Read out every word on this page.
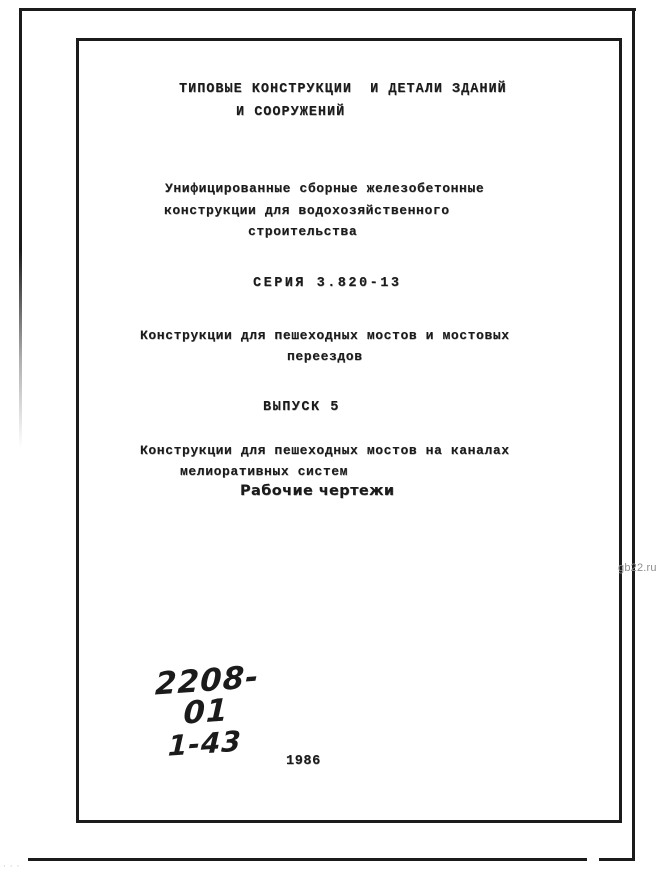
ТИПОВЫЕ КОНСТРУКЦИИ  И ДЕТАЛИ ЗДАНИЙ
И СООРУЖЕНИЙ
Унифицированные сборные железобетонные
конструкции для водохозяйственного
строительства
СЕРИЯ 3.820-13
Конструкции для пешеходных мостов и мостовых
переездов
ВЫПУСК 5
Конструкции для пешеходных мостов на каналах
мелиоративных систем
Рабочие чертежи
2208-01
1-43	1986
gb22.ru
···
